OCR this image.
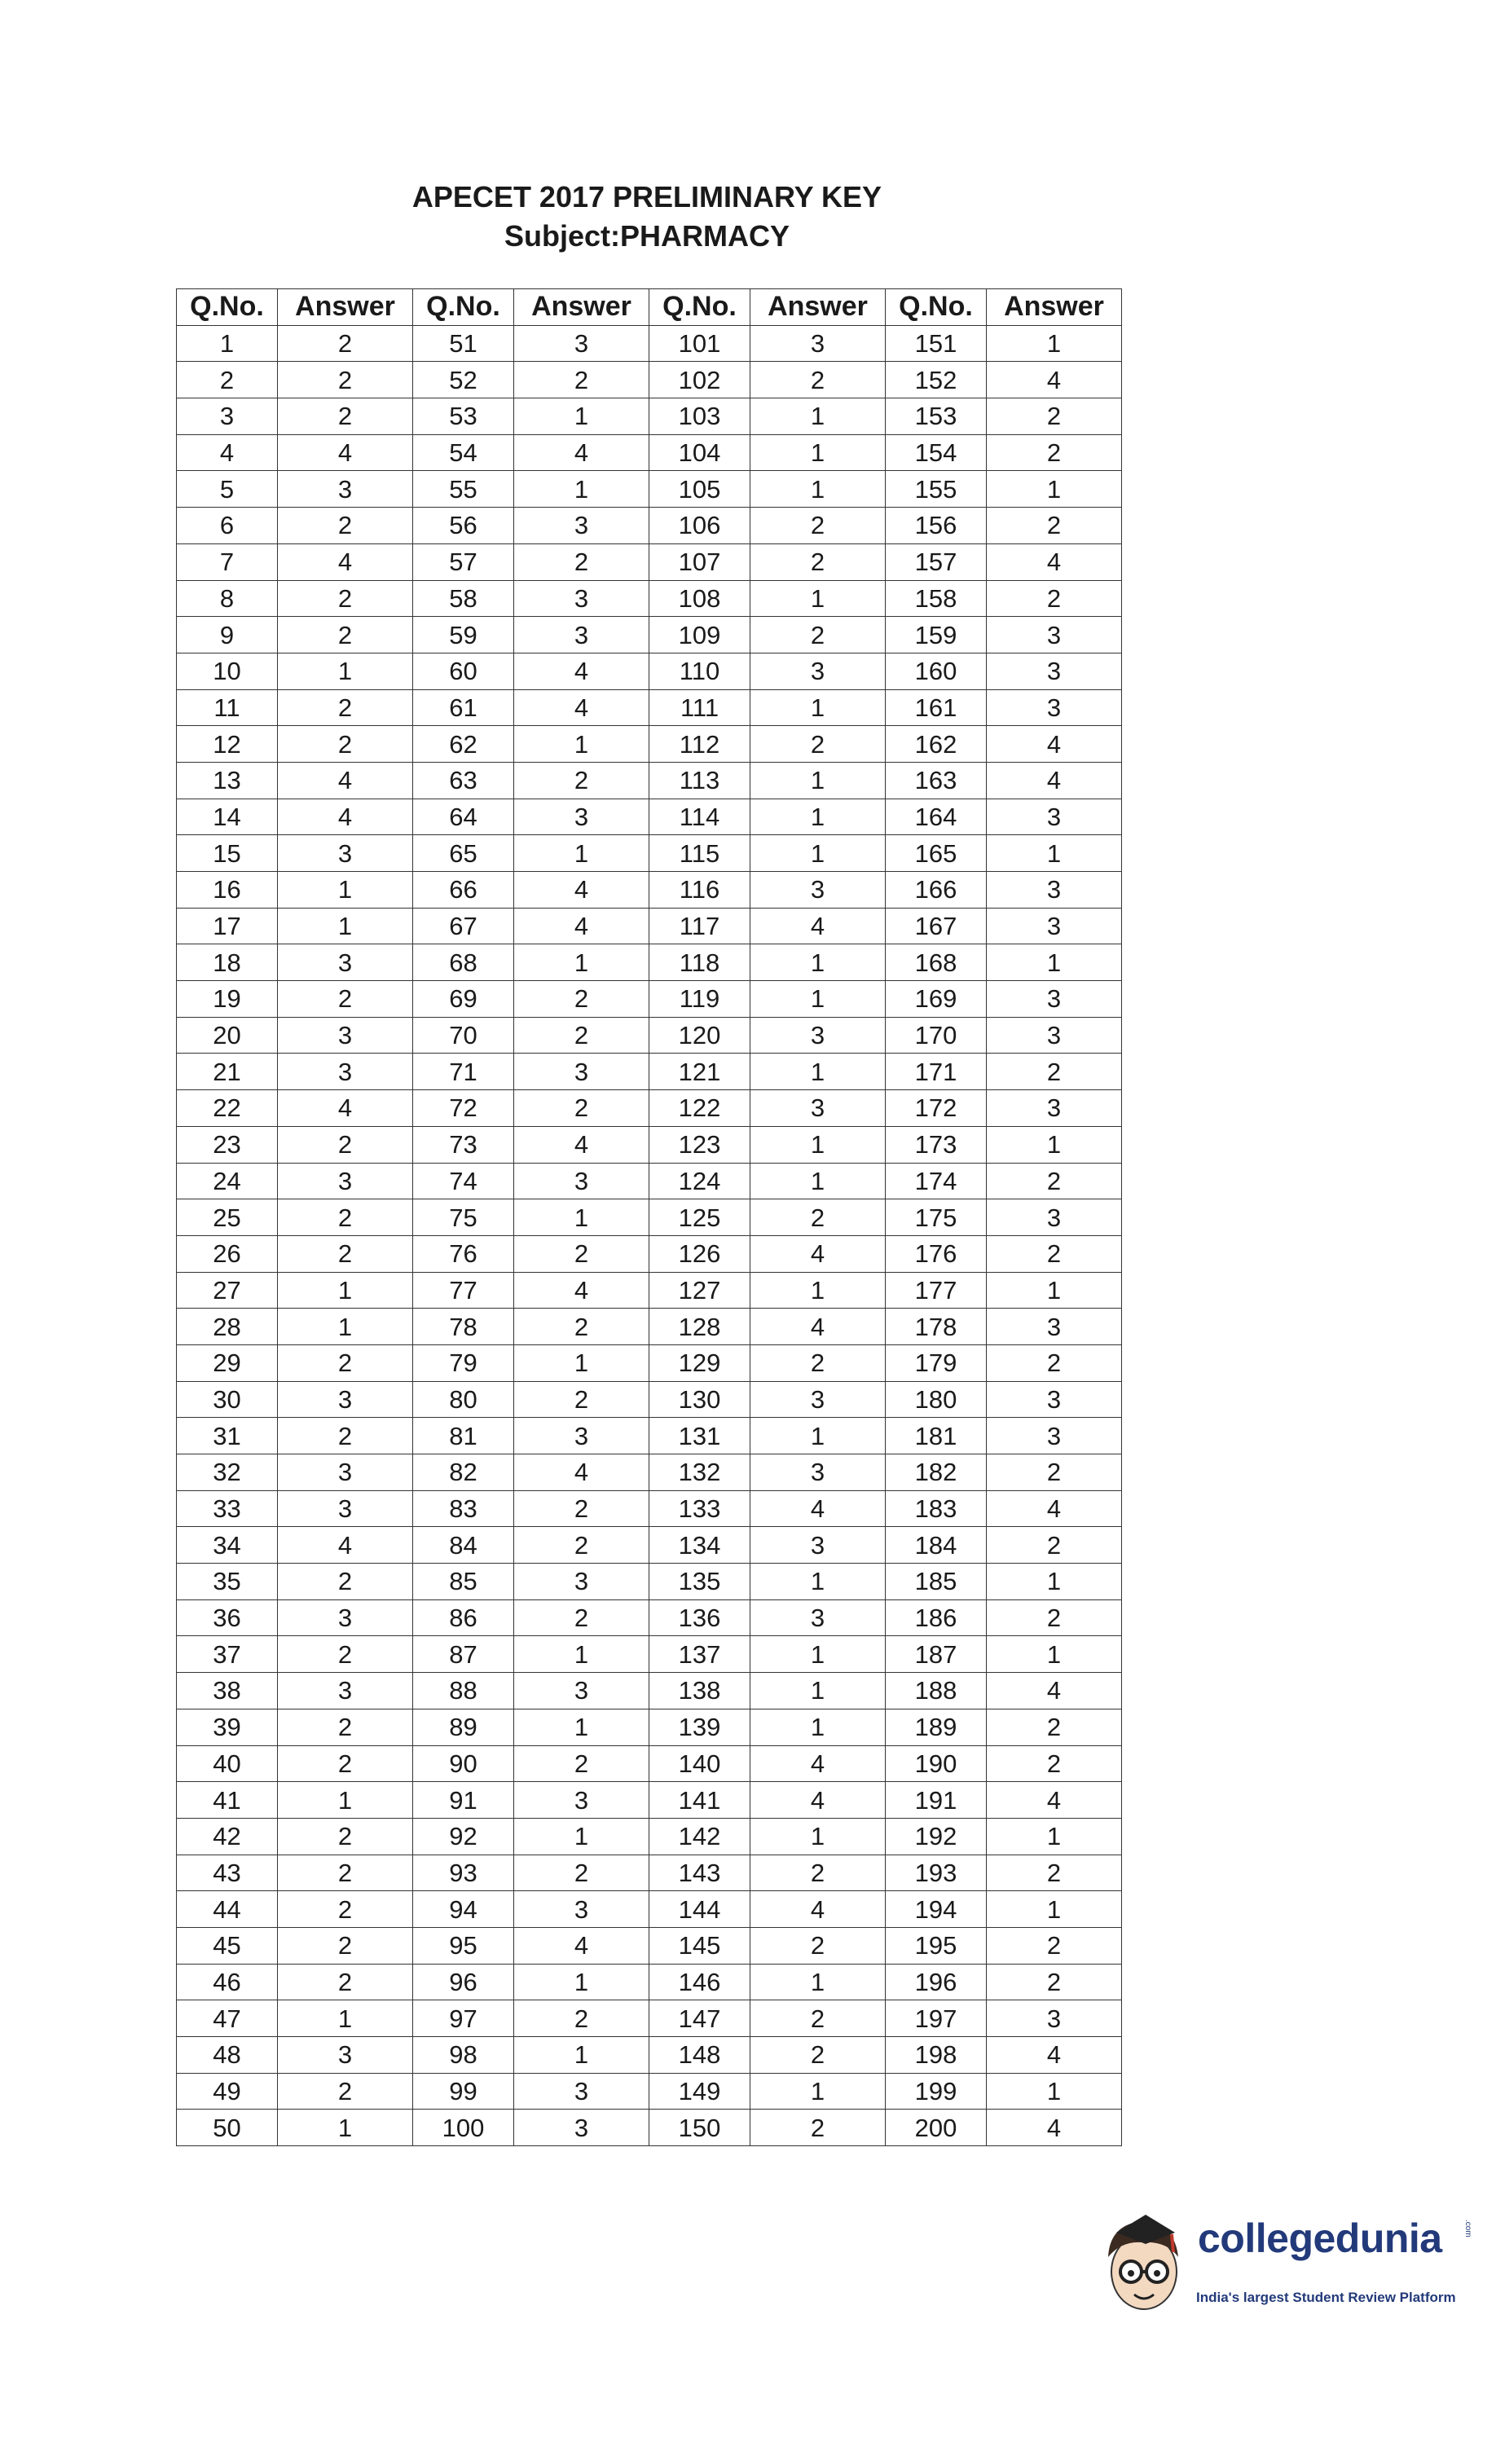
APECET 2017 PRELIMINARY KEY
Subject:PHARMACY
Q.No.	Answer	Q.No.	Answer	Q.No.	Answer	Q.No.	Answer
1	2	51	3	101	3	151	1
2	2	52	2	102	2	152	4
3	2	53	1	103	1	153	2
4	4	54	4	104	1	154	2
5	3	55	1	105	1	155	1
6	2	56	3	106	2	156	2
7	4	57	2	107	2	157	4
8	2	58	3	108	1	158	2
9	2	59	3	109	2	159	3
10	1	60	4	110	3	160	3
11	2	61	4	111	1	161	3
12	2	62	1	112	2	162	4
13	4	63	2	113	1	163	4
14	4	64	3	114	1	164	3
15	3	65	1	115	1	165	1
16	1	66	4	116	3	166	3
17	1	67	4	117	4	167	3
18	3	68	1	118	1	168	1
19	2	69	2	119	1	169	3
20	3	70	2	120	3	170	3
21	3	71	3	121	1	171	2
22	4	72	2	122	3	172	3
23	2	73	4	123	1	173	1
24	3	74	3	124	1	174	2
25	2	75	1	125	2	175	3
26	2	76	2	126	4	176	2
27	1	77	4	127	1	177	1
28	1	78	2	128	4	178	3
29	2	79	1	129	2	179	2
30	3	80	2	130	3	180	3
31	2	81	3	131	1	181	3
32	3	82	4	132	3	182	2
33	3	83	2	133	4	183	4
34	4	84	2	134	3	184	2
35	2	85	3	135	1	185	1
36	3	86	2	136	3	186	2
37	2	87	1	137	1	187	1
38	3	88	3	138	1	188	4
39	2	89	1	139	1	189	2
40	2	90	2	140	4	190	2
41	1	91	3	141	4	191	4
42	2	92	1	142	1	192	1
43	2	93	2	143	2	193	2
44	2	94	3	144	4	194	1
45	2	95	4	145	2	195	2
46	2	96	1	146	1	196	2
47	1	97	2	147	2	197	3
48	3	98	1	148	2	198	4
49	2	99	3	149	1	199	1
50	1	100	3	150	2	200	4
collegedunia	.com
India's largest Student Review Platform
